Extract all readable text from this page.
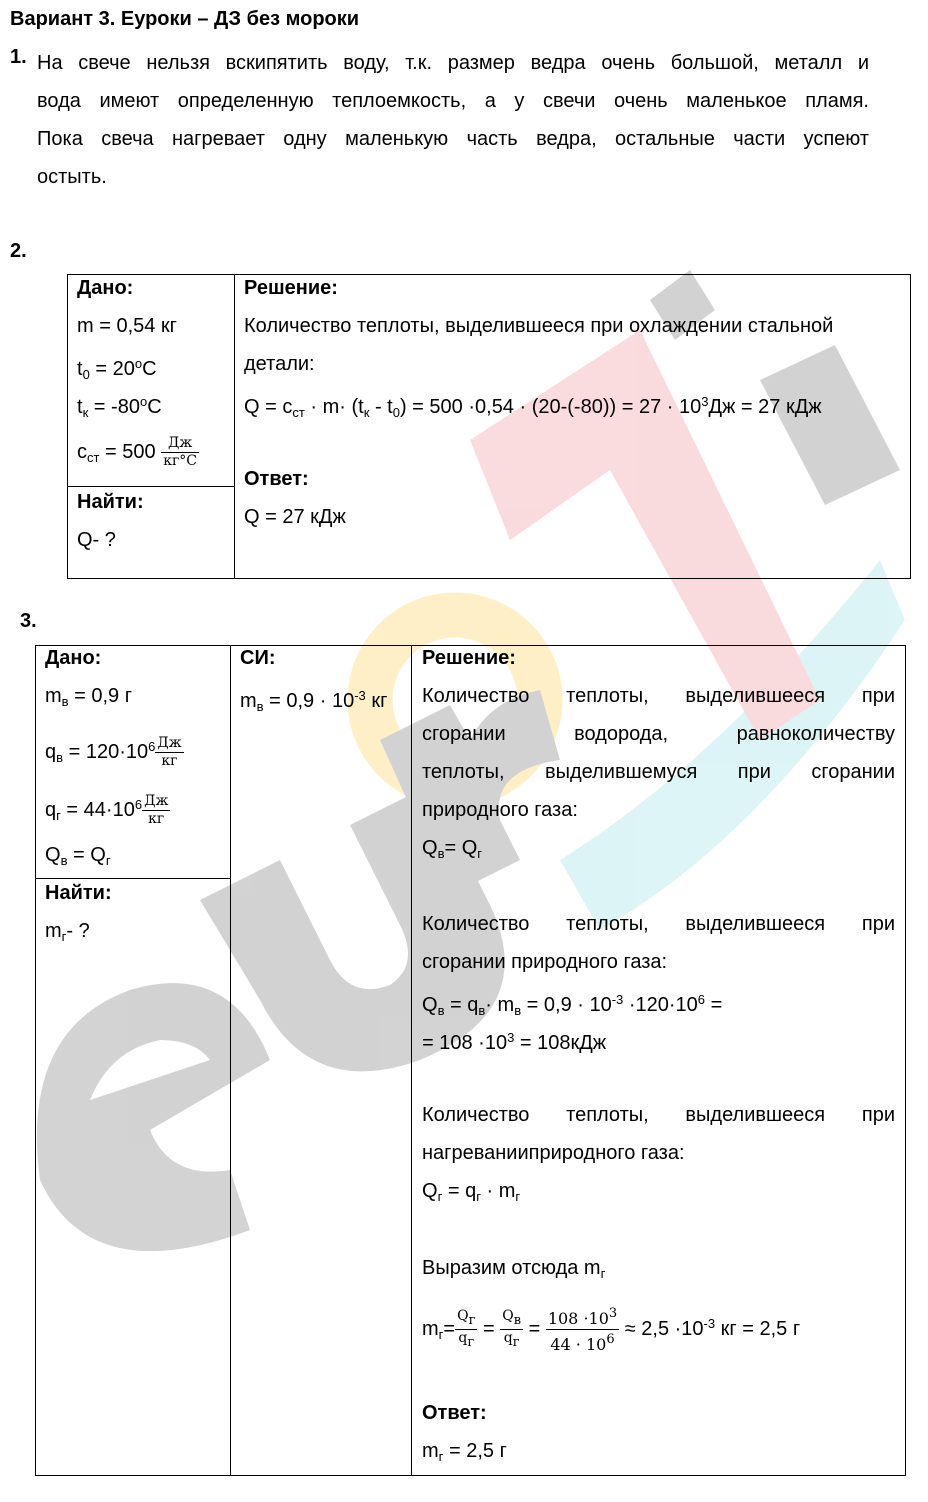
Вариант 3. Еуроки – ДЗ без мороки
1. На свече нельзя вскипятить воду, т.к. размер ведра очень большой, металл и
вода имеют определенную теплоемкость, а у свечи очень маленькое пламя.
Пока свеча нагревает одну маленькую часть ведра, остальные части успеют
остыть.
2.
Дано:
m = 0,54 кг
$t_0 = 20^oC$
$t_к = -80^oC$
$c_{ст} = 500 \frac{Дж}{кг^\circ C}$
Найти:
Q- ?
Решение:
Количество теплоты, выделившееся при охлаждении стальной
детали:
$Q = c_{ст} \cdot m\cdot (t_к - t_0) = 500 \cdot 0,54 \cdot (20-(-80)) = 27 \cdot 10^3Дж = 27$ кДж
Ответ:
Q = 27 кДж
3.
Дано:
$m_в = 0,9$ г
$q_в = 120\cdot 10^6 \frac{Дж}{кг}$
$q_г = 44\cdot 10^6 \frac{Дж}{кг}$
$Q_в = Q_г$
Найти:
$m_г-$ ?
СИ:
$m_в = 0,9 \cdot 10^{-3}$ кг
Решение:
Количество теплоты, выделившееся при
сгорании водорода, равноколичеству
теплоты, выделившемуся при сгорании
природного газа:
$Q_в= Q_г$
Количество теплоты, выделившееся при
сгорании природного газа:
$Q_в = q_в\cdot m_в = 0,9 \cdot 10^{-3} \cdot 120\cdot 10^6$ =
= $108 \cdot 10^3 = 108кДж$
Количество теплоты, выделившееся при
нагреванииприродного газа:
$Q_г = q_г \cdot m_г$
Выразим отсюда $m_г$
$m_г= \frac{Q_г}{q_г} = \frac{Q_в}{q_г} = \frac{108 \cdot 10^3}{44 \cdot 10^6} \approx 2,5 \cdot 10^{-3}$ кг = 2,5 г
Ответ:
$m_г = 2,5$ г
